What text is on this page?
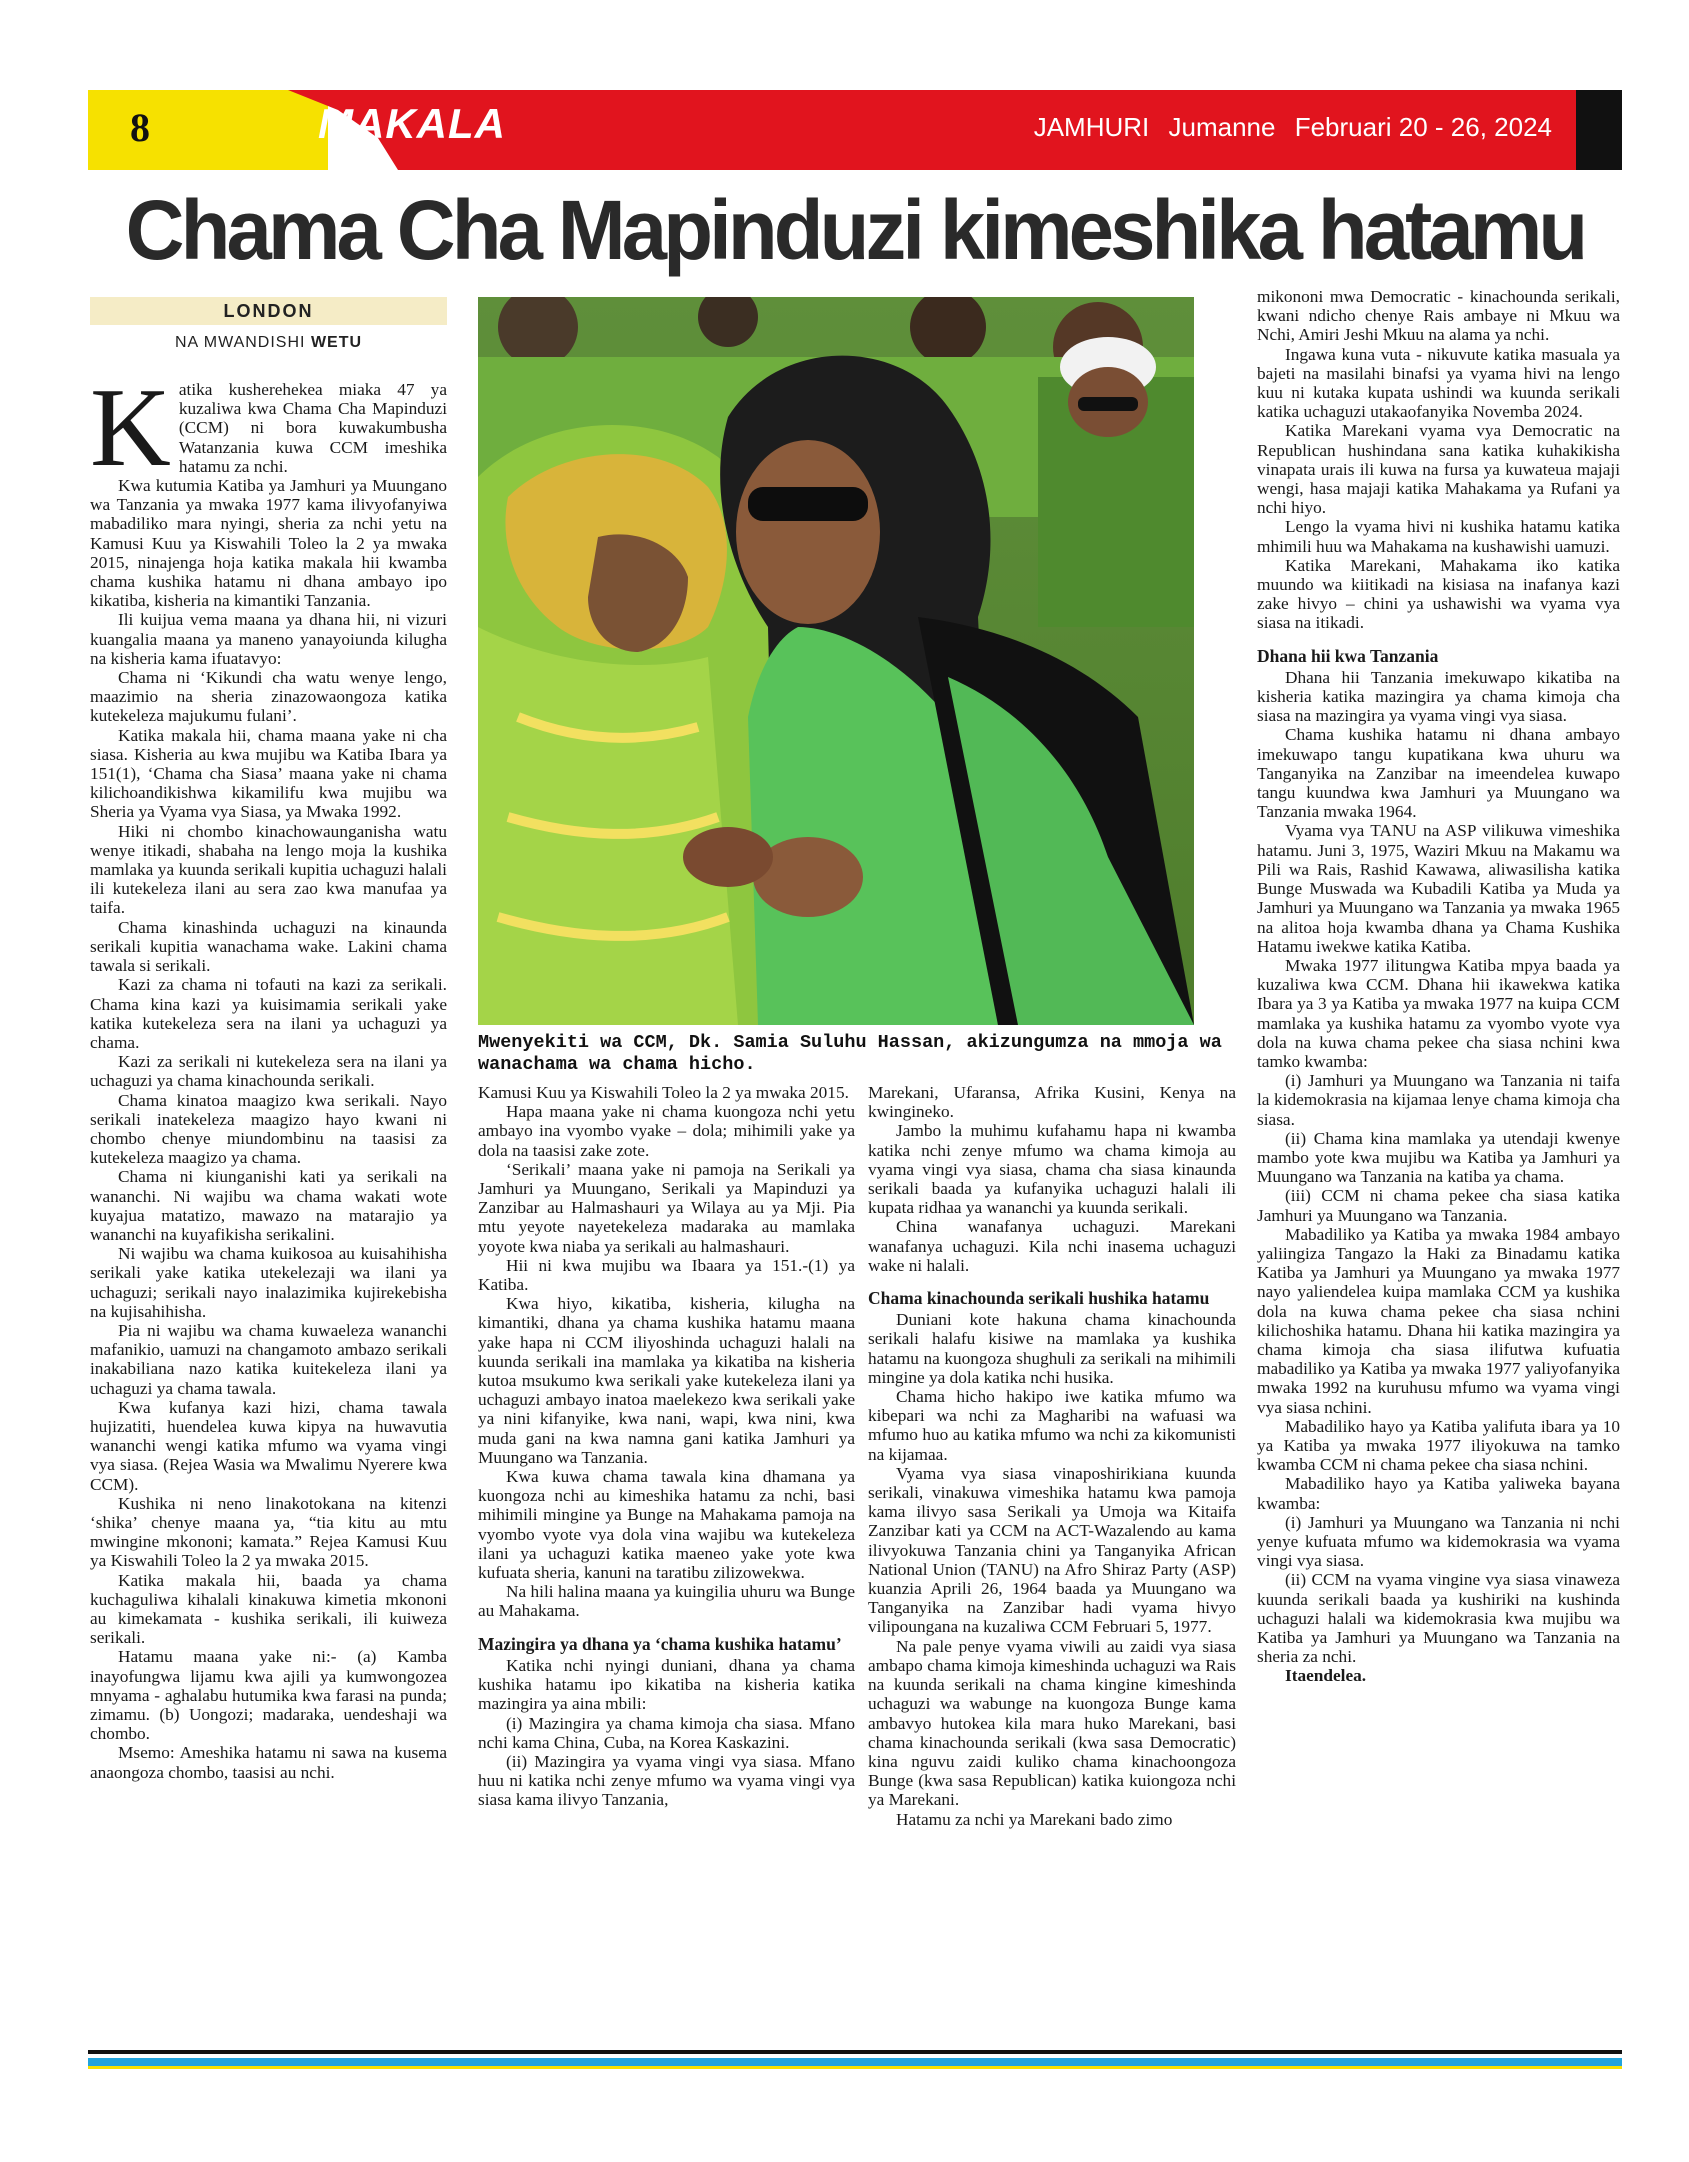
8	MAKALA	JAMHURI Jumanne Februari 20 - 26, 2024
Chama Cha Mapinduzi kimeshika hatamu
LONDON
NA MWANDISHI WETU

Katika kusherehekea miaka 47 ya kuzaliwa kwa Chama Cha Mapinduzi (CCM) ni bora kuwakumbusha Watanzania kuwa CCM imeshika hatamu za nchi.

Kwa kutumia Katiba ya Jamhuri ya Muungano wa Tanzania ya mwaka 1977 kama ilivyofanyiwa mabadiliko mara nyingi, sheria za nchi yetu na Kamusi Kuu ya Kiswahili Toleo la 2 ya mwaka 2015, ninajenga hoja katika makala hii kwamba chama kushika hatamu ni dhana ambayo ipo kikatiba, kisheria na kimantiki Tanzania.

Ili kuijua vema maana ya dhana hii, ni vizuri kuangalia maana ya maneno yanayoiunda kilugha na kisheria kama ifuatavyo:

Chama ni ‘Kikundi cha watu wenye lengo, maazimio na sheria zinazowaongoza katika kutekeleza majukumu fulani’.

Katika makala hii, chama maana yake ni cha siasa. Kisheria au kwa mujibu wa Katiba Ibara ya 151(1), ‘Chama cha Siasa’ maana yake ni chama kilichoandikishwa kikamilifu kwa mujibu wa Sheria ya Vyama vya Siasa, ya Mwaka 1992.

Hiki ni chombo kinachowaunganisha watu wenye itikadi, shabaha na lengo moja la kushika mamlaka ya kuunda serikali kupitia uchaguzi halali ili kutekeleza ilani au sera zao kwa manufaa ya taifa.

Chama kinashinda uchaguzi na kinaunda serikali kupitia wanachama wake. Lakini chama tawala si serikali.

Kazi za chama ni tofauti na kazi za serikali. Chama kina kazi ya kuisimamia serikali yake katika kutekeleza sera na ilani ya uchaguzi ya chama.

Kazi za serikali ni kutekeleza sera na ilani ya uchaguzi ya chama kinachounda serikali.

Chama kinatoa maagizo kwa serikali. Nayo serikali inatekeleza maagizo hayo kwani ni chombo chenye miundombinu na taasisi za kutekeleza maagizo ya chama.

Chama ni kiunganishi kati ya serikali na wananchi. Ni wajibu wa chama wakati wote kuyajua matatizo, mawazo na matarajio ya wananchi na kuyafikisha serikalini.

Ni wajibu wa chama kuikosoa au kuisahihisha serikali yake katika utekelezaji wa ilani ya uchaguzi; serikali nayo inalazimika kujirekebisha na kujisahihisha.

Pia ni wajibu wa chama kuwaeleza wananchi mafanikio, uamuzi na changamoto ambazo serikali inakabiliana nazo katika kuitekeleza ilani ya uchaguzi ya chama tawala.

Kwa kufanya kazi hizi, chama tawala hujizatiti, huendelea kuwa kipya na huwavutia wananchi wengi katika mfumo wa vyama vingi vya siasa. (Rejea Wasia wa Mwalimu Nyerere kwa CCM).

Kushika ni neno linakotokana na kitenzi ‘shika’ chenye maana ya, “tia kitu au mtu mwingine mkononi; kamata.” Rejea Kamusi Kuu ya Kiswahili Toleo la 2 ya mwaka 2015.

Katika makala hii, baada ya chama kuchaguliwa kihalali kinakuwa kimetia mkononi au kimekamata - kushika serikali, ili kuiweza serikali.

Hatamu maana yake ni:- (a) Kamba inayofungwa lijamu kwa ajili ya kumwongozea mnyama - aghalabu hutumika kwa farasi na punda; zimamu. (b) Uongozi; madaraka, uendeshaji wa chombo.

Msemo: Ameshika hatamu ni sawa na kusema anaongoza chombo, taasisi au nchi.

Mwenyekiti wa CCM, Dk. Samia Suluhu Hassan, akizungumza na mmoja wa wanachama wa chama hicho.

Kamusi Kuu ya Kiswahili Toleo la 2 ya mwaka 2015.

Hapa maana yake ni chama kuongoza nchi yetu ambayo ina vyombo vyake – dola; mihimili yake ya dola na taasisi zake zote.

‘Serikali’ maana yake ni pamoja na Serikali ya Jamhuri ya Muungano, Serikali ya Mapinduzi ya Zanzibar au Halmashauri ya Wilaya au ya Mji. Pia mtu yeyote nayetekeleza madaraka au mamlaka yoyote kwa niaba ya serikali au halmashauri.

Hii ni kwa mujibu wa Ibaara ya 151.-(1) ya Katiba.

Kwa hiyo, kikatiba, kisheria, kilugha na kimantiki, dhana ya chama kushika hatamu maana yake hapa ni CCM iliyoshinda uchaguzi halali na kuunda serikali ina mamlaka ya kikatiba na kisheria kutoa msukumo kwa serikali yake kutekeleza ilani ya uchaguzi ambayo inatoa maelekezo kwa serikali yake ya nini kifanyike, kwa nani, wapi, kwa nini, kwa muda gani na kwa namna gani katika Jamhuri ya Muungano wa Tanzania.

Kwa kuwa chama tawala kina dhamana ya kuongoza nchi au kimeshika hatamu za nchi, basi mihimili mingine ya Bunge na Mahakama pamoja na vyombo vyote vya dola vina wajibu wa kutekeleza ilani ya uchaguzi katika maeneo yake yote kwa kufuata sheria, kanuni na taratibu zilizowekwa.

Na hili halina maana ya kuingilia uhuru wa Bunge au Mahakama.

Mazingira ya dhana ya ‘chama kushika hatamu’

Katika nchi nyingi duniani, dhana ya chama kushika hatamu ipo kikatiba na kisheria katika mazingira ya aina mbili:

(i) Mazingira ya chama kimoja cha siasa. Mfano nchi kama China, Cuba, na Korea Kaskazini.

(ii) Mazingira ya vyama vingi vya siasa. Mfano huu ni katika nchi zenye mfumo wa vyama vingi vya siasa kama ilivyo Tanzania,

Marekani, Ufaransa, Afrika Kusini, Kenya na kwingineko.

Jambo la muhimu kufahamu hapa ni kwamba katika nchi zenye mfumo wa chama kimoja au vyama vingi vya siasa, chama cha siasa kinaunda serikali baada ya kufanyika uchaguzi halali ili kupata ridhaa ya wananchi ya kuunda serikali.

China wanafanya uchaguzi. Marekani wanafanya uchaguzi. Kila nchi inasema uchaguzi wake ni halali.

Chama kinachounda serikali hushika hatamu

Duniani kote hakuna chama kinachounda serikali halafu kisiwe na mamlaka ya kushika hatamu na kuongoza shughuli za serikali na mihimili mingine ya dola katika nchi husika.

Chama hicho hakipo iwe katika mfumo wa kibepari wa nchi za Magharibi na wafuasi wa mfumo huo au katika mfumo wa nchi za kikomunisti na kijamaa.

Vyama vya siasa vinaposhirikiana kuunda serikali, vinakuwa vimeshika hatamu kwa pamoja kama ilivyo sasa Serikali ya Umoja wa Kitaifa Zanzibar kati ya CCM na ACT-Wazalendo au kama ilivyokuwa Tanzania chini ya Tanganyika African National Union (TANU) na Afro Shiraz Party (ASP) kuanzia Aprili 26, 1964 baada ya Muungano wa Tanganyika na Zanzibar hadi vyama hivyo vilipoungana na kuzaliwa CCM Februari 5, 1977.

Na pale penye vyama viwili au zaidi vya siasa ambapo chama kimoja kimeshinda uchaguzi wa Rais na kuunda serikali na chama kingine kimeshinda uchaguzi wa wabunge na kuongoza Bunge kama ambavyo hutokea kila mara huko Marekani, basi chama kinachounda serikali (kwa sasa Democratic) kina nguvu zaidi kuliko chama kinachoongoza Bunge (kwa sasa Republican) katika kuiongoza nchi ya Marekani.

Hatamu za nchi ya Marekani bado zimo

mikononi mwa Democratic - kinachounda serikali, kwani ndicho chenye Rais ambaye ni Mkuu wa Nchi, Amiri Jeshi Mkuu na alama ya nchi.

Ingawa kuna vuta - nikuvute katika masuala ya bajeti na masilahi binafsi ya vyama hivi na lengo kuu ni kutaka kupata ushindi wa kuunda serikali katika uchaguzi utakaofanyika Novemba 2024.

Katika Marekani vyama vya Democratic na Republican hushindana sana katika kuhakikisha vinapata urais ili kuwa na fursa ya kuwateua majaji wengi, hasa majaji katika Mahakama ya Rufani ya nchi hiyo.

Lengo la vyama hivi ni kushika hatamu katika mhimili huu wa Mahakama na kushawishi uamuzi.

Katika Marekani, Mahakama iko katika muundo wa kiitikadi na kisiasa na inafanya kazi zake hivyo – chini ya ushawishi wa vyama vya siasa na itikadi.

Dhana hii kwa Tanzania

Dhana hii Tanzania imekuwapo kikatiba na kisheria katika mazingira ya chama kimoja cha siasa na mazingira ya vyama vingi vya siasa.

Chama kushika hatamu ni dhana ambayo imekuwapo tangu kupatikana kwa uhuru wa Tanganyika na Zanzibar na imeendelea kuwapo tangu kuundwa kwa Jamhuri ya Muungano wa Tanzania mwaka 1964.

Vyama vya TANU na ASP vilikuwa vimeshika hatamu. Juni 3, 1975, Waziri Mkuu na Makamu wa Pili wa Rais, Rashid Kawawa, aliwasilisha katika Bunge Muswada wa Kubadili Katiba ya Muda ya Jamhuri ya Muungano wa Tanzania ya mwaka 1965 na alitoa hoja kwamba dhana ya Chama Kushika Hatamu iwekwe katika Katiba.

Mwaka 1977 ilitungwa Katiba mpya baada ya kuzaliwa kwa CCM. Dhana hii ikawekwa katika Ibara ya 3 ya Katiba ya mwaka 1977 na kuipa CCM mamlaka ya kushika hatamu za vyombo vyote vya dola na kuwa chama pekee cha siasa nchini kwa tamko kwamba:

(i) Jamhuri ya Muungano wa Tanzania ni taifa la kidemokrasia na kijamaa lenye chama kimoja cha siasa.

(ii) Chama kina mamlaka ya utendaji kwenye mambo yote kwa mujibu wa Katiba ya Jamhuri ya Muungano wa Tanzania na katiba ya chama.

(iii) CCM ni chama pekee cha siasa katika Jamhuri ya Muungano wa Tanzania.

Mabadiliko ya Katiba ya mwaka 1984 ambayo yaliingiza Tangazo la Haki za Binadamu katika Katiba ya Jamhuri ya Muungano ya mwaka 1977 nayo yaliendelea kuipa mamlaka CCM ya kushika dola na kuwa chama pekee cha siasa nchini kilichoshika hatamu. Dhana hii katika mazingira ya chama kimoja cha siasa ilifutwa kufuatia mabadiliko ya Katiba ya mwaka 1977 yaliyofanyika mwaka 1992 na kuruhusu mfumo wa vyama vingi vya siasa nchini.

Mabadiliko hayo ya Katiba yalifuta ibara ya 10 ya Katiba ya mwaka 1977 iliyokuwa na tamko kwamba CCM ni chama pekee cha siasa nchini.

Mabadiliko hayo ya Katiba yaliweka bayana kwamba:

(i) Jamhuri ya Muungano wa Tanzania ni nchi yenye kufuata mfumo wa kidemokrasia wa vyama vingi vya siasa.

(ii) CCM na vyama vingine vya siasa vinaweza kuunda serikali baada ya kushiriki na kushinda uchaguzi halali wa kidemokrasia kwa mujibu wa Katiba ya Jamhuri ya Muungano wa Tanzania na sheria za nchi.

Itaendelea.
